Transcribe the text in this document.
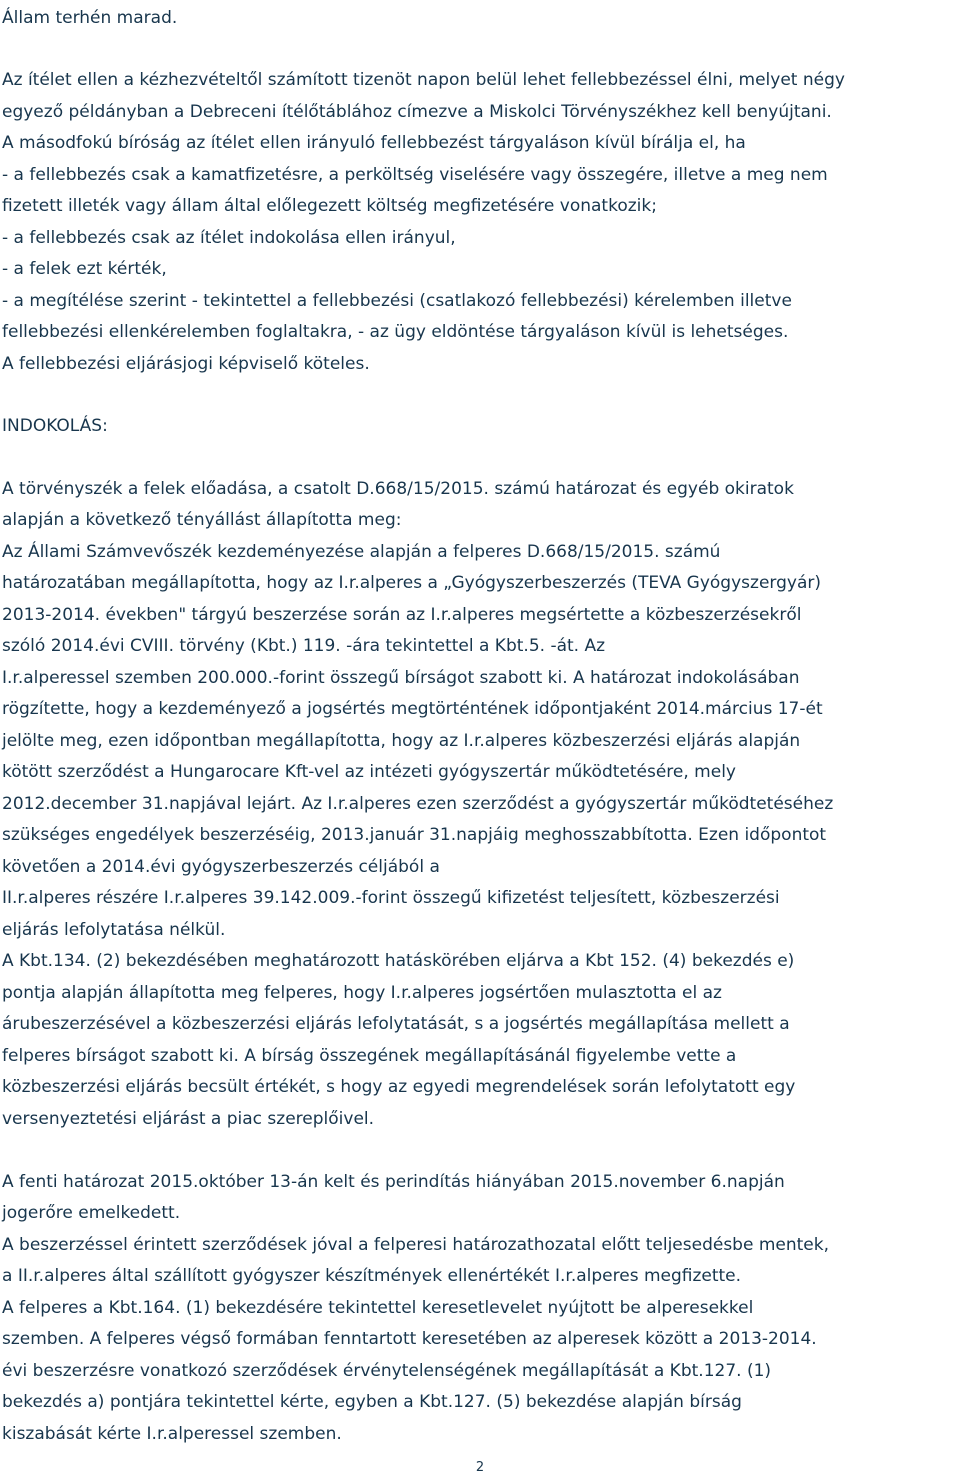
Állam terhén marad.

Az ítélet ellen a kézhezvételtől számított tizenöt napon belül lehet fellebbezéssel élni, melyet négy

egyező példányban a Debreceni ítélőtáblához címezve a Miskolci Törvényszékhez kell benyújtani.

A másodfokú bíróság az ítélet ellen irányuló fellebbezést tárgyaláson kívül bírálja el, ha

- a fellebbezés csak a kamatfizetésre, a perköltség viselésére vagy összegére, illetve a meg nem

fizetett illeték vagy állam által előlegezett költség megfizetésére vonatkozik;

- a fellebbezés csak az ítélet indokolása ellen irányul,

- a felek ezt kérték,

- a megítélése szerint - tekintettel a fellebbezési (csatlakozó fellebbezési) kérelemben illetve

fellebbezési ellenkérelemben foglaltakra, - az ügy eldöntése tárgyaláson kívül is lehetséges.

A fellebbezési eljárásjogi képviselő köteles.

INDOKOLÁS:

A törvényszék a felek előadása, a csatolt D.668/15/2015. számú határozat és egyéb okiratok

alapján a következő tényállást állapította meg:

Az Állami Számvevőszék kezdeményezése alapján a felperes D.668/15/2015. számú

határozatában megállapította, hogy az I.r.alperes a „Gyógyszerbeszerzés (TEVA Gyógyszergyár)

2013-2014. években" tárgyú beszerzése során az I.r.alperes megsértette a közbeszerzésekről

szóló 2014.évi CVIII. törvény (Kbt.) 119. -ára tekintettel a Kbt.5. -át. Az

I.r.alperessel szemben 200.000.-forint összegű bírságot szabott ki. A határozat indokolásában

rögzítette, hogy a kezdeményező a jogsértés megtörténtének időpontjaként 2014.március 17-ét

jelölte meg, ezen időpontban megállapította, hogy az I.r.alperes közbeszerzési eljárás alapján

kötött szerződést a Hungarocare Kft-vel az intézeti gyógyszertár működtetésére, mely

2012.december 31.napjával lejárt. Az I.r.alperes ezen szerződést a gyógyszertár működtetéséhez

szükséges engedélyek beszerzéséig, 2013.január 31.napjáig meghosszabbította. Ezen időpontot

követően a 2014.évi gyógyszerbeszerzés céljából a

II.r.alperes részére I.r.alperes 39.142.009.-forint összegű kifizetést teljesített, közbeszerzési

eljárás lefolytatása nélkül.

A Kbt.134. (2) bekezdésében meghatározott hatáskörében eljárva a Kbt 152. (4) bekezdés e)

pontja alapján állapította meg felperes, hogy I.r.alperes jogsértően mulasztotta el az

árubeszerzésével a közbeszerzési eljárás lefolytatását, s a jogsértés megállapítása mellett a

felperes bírságot szabott ki. A bírság összegének megállapításánál figyelembe vette a

közbeszerzési eljárás becsült értékét, s hogy az egyedi megrendelések során lefolytatott egy

versenyeztetési eljárást a piac szereplőivel.

A fenti határozat 2015.október 13-án kelt és perindítás hiányában 2015.november 6.napján

jogerőre emelkedett.

A beszerzéssel érintett szerződések jóval a felperesi határozathozatal előtt teljesedésbe mentek,

a II.r.alperes által szállított gyógyszer készítmények ellenértékét I.r.alperes megfizette.

A felperes a Kbt.164. (1) bekezdésére tekintettel keresetlevelet nyújtott be alperesekkel

szemben. A felperes végső formában fenntartott keresetében az alperesek között a 2013-2014.

évi beszerzésre vonatkozó szerződések érvénytelenségének megállapítását a Kbt.127. (1)

bekezdés a) pontjára tekintettel kérte, egyben a Kbt.127. (5) bekezdése alapján bírság

kiszabását kérte I.r.alperessel szemben.

2
